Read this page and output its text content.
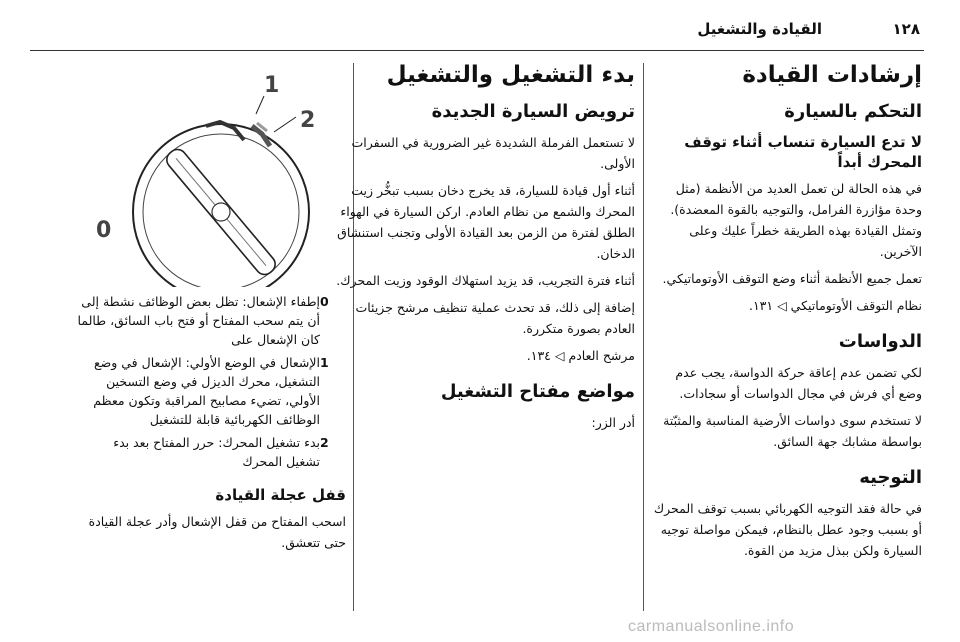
١٢٨
القيادة والتشغيل
إرشادات القيادة
التحكم بالسيارة
لا تدع السيارة تنساب أثناء توقف المحرك أبداً

في هذه الحالة لن تعمل العديد من الأنظمة (مثل وحدة مؤازرة الفرامل، والتوجيه بالقوة المعضدة). وتمثل القيادة بهذه الطريقة خطراً عليك وعلى الآخرين.

تعمل جميع الأنظمة أثناء وضع التوقف الأوتوماتيكي.

نظام التوقف الأوتوماتيكي ◁ ١٣١.

الدواسات

لكي تضمن عدم إعاقة حركة الدواسة، يجب عدم وضع أي فرش في مجال الدواسات أو سجادات.

لا تستخدم سوى دواسات الأرضية المناسبة والمثبّتة بواسطة مشابك جهة السائق.

التوجيه

في حالة فقد التوجيه الكهربائي بسبب توقف المحرك أو بسبب وجود عطل بالنظام، فيمكن مواصلة توجيه السيارة ولكن ببذل مزيد من القوة.

بدء التشغيل والتشغيل
ترويض السيارة الجديدة

لا تستعمل الفرملة الشديدة غير الضرورية في السفرات الأولى.

أثناء أول قيادة للسيارة، قد يخرج دخان بسبب تبخُّر زيت المحرك والشمع من نظام العادم. اركن السيارة في الهواء الطلق لفترة من الزمن بعد القيادة الأولى وتجنب استنشاق الدخان.

أثناء فترة التجريب، قد يزيد استهلاك الوقود وزيت المحرك.

إضافة إلى ذلك، قد تحدث عملية تنظيف مرشح جزيئات العادم بصورة متكررة.

مرشح العادم ◁ ١٣٤.

مواضع مفتاح التشغيل

أدر الزر:

1
2
0
0
إطفاء الإشعال: تظل بعض الوظائف نشطة إلى أن يتم سحب المفتاح أو فتح باب السائق، طالما كان الإشعال على
1
الإشعال في الوضع الأولي: الإشعال في وضع التشغيل، محرك الديزل في وضع التسخين الأولي، تضيء مصابيح المراقبة وتكون معظم الوظائف الكهربائية قابلة للتشغيل
2
بدء تشغيل المحرك: حرر المفتاح بعد بدء تشغيل المحرك
قفل عجلة القيادة

اسحب المفتاح من قفل الإشعال وأدر عجلة القيادة حتى تتعشق.

carmanualsonline.info
